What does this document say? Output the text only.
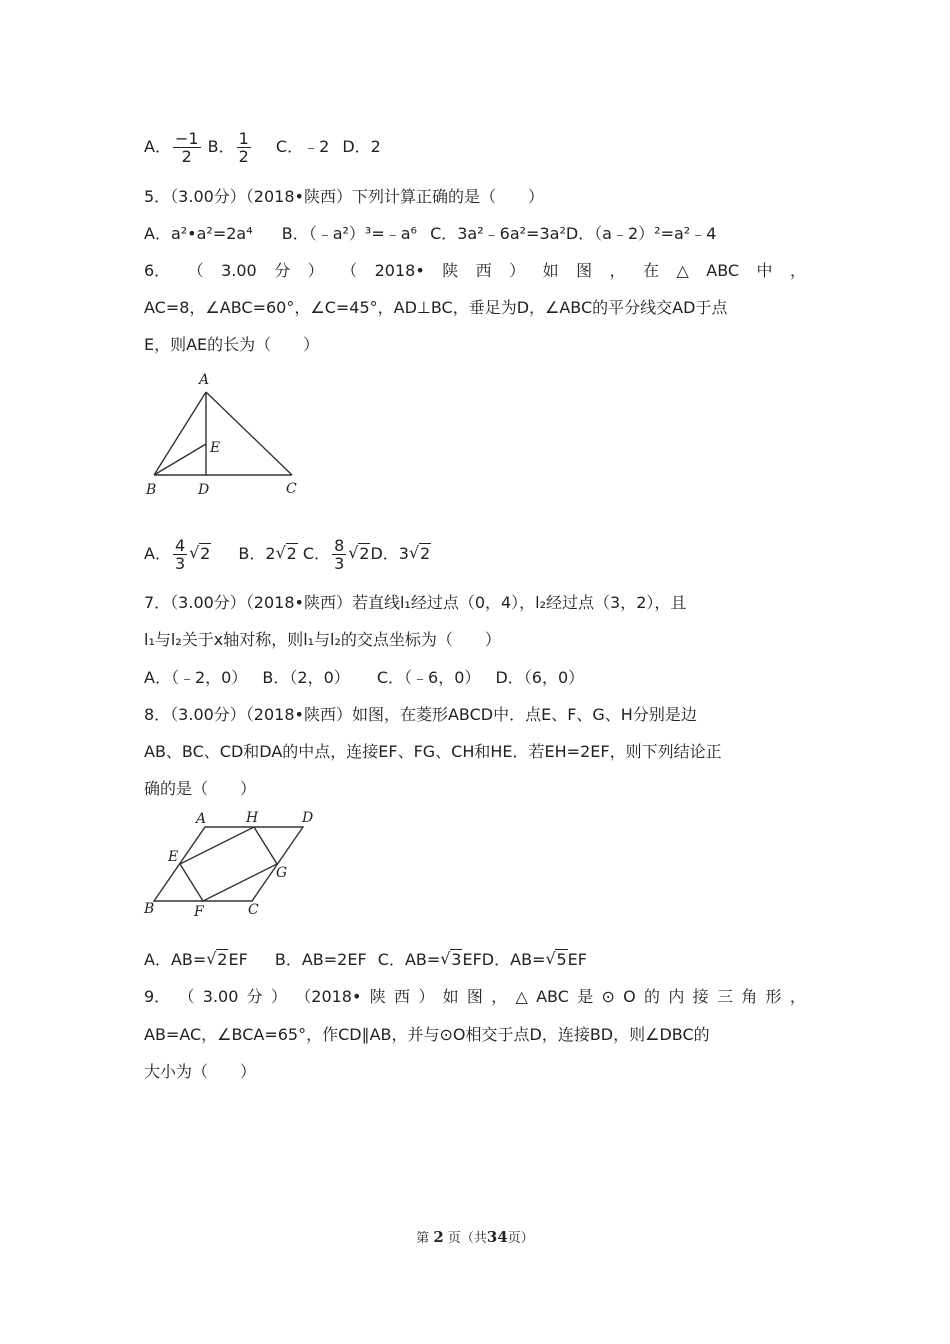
A． $\frac{-1}{2}$ B． $\frac{1}{2}$ C．﹣2 D．2
5．（3.00分）（2018•陕西）下列计算正确的是（　　）
A．a²•a²=2a⁴ B．（﹣a²）³=﹣a⁶ C．3a²﹣6a²=3a²D．（a﹣2）²=a²﹣4
6． （ 3.00 分 ） （ 2018• 陕 西 ） 如 图 ， 在 △ ABC 中 ，
AC=8，∠ABC=60°，∠C=45°，AD⊥BC，垂足为D，∠ABC的平分线交AD于点
E，则AE的长为（　　）
A
B	D	C
E
A． $\frac{4}{3}$ √ 2 B．2 √ 2 C． $\frac{8}{3}$ √ 2D．3 √ 2
7．（3.00分）（2018•陕西）若直线l₁经过点（0，4），l₂经过点（3，2），且
l₁与l₂关于x轴对称，则l₁与l₂的交点坐标为（　　）
A．（﹣2，0） B．（2，0） C．（﹣6，0） D．（6，0）
8．（3.00分）（2018•陕西）如图，在菱形ABCD中．点E、F、G、H分别是边
AB、BC、CD和DA的中点，连接EF、FG、CH和HE．若EH=2EF，则下列结论正
确的是（　　）
A	H	D
E
G
B	F	C
A．AB= √ 2EF B．AB=2EF C．AB= √ 3EFD．AB= √ 5EF
9． （ 3.00 分 ） （2018• 陕 西 ） 如 图 ， △ ABC 是 ⊙ O 的 内 接 三 角 形 ，
AB=AC，∠BCA=65°，作CD∥AB，并与⊙O相交于点D，连接BD，则∠DBC的
大小为（　　）
第 2 页（共34页）
